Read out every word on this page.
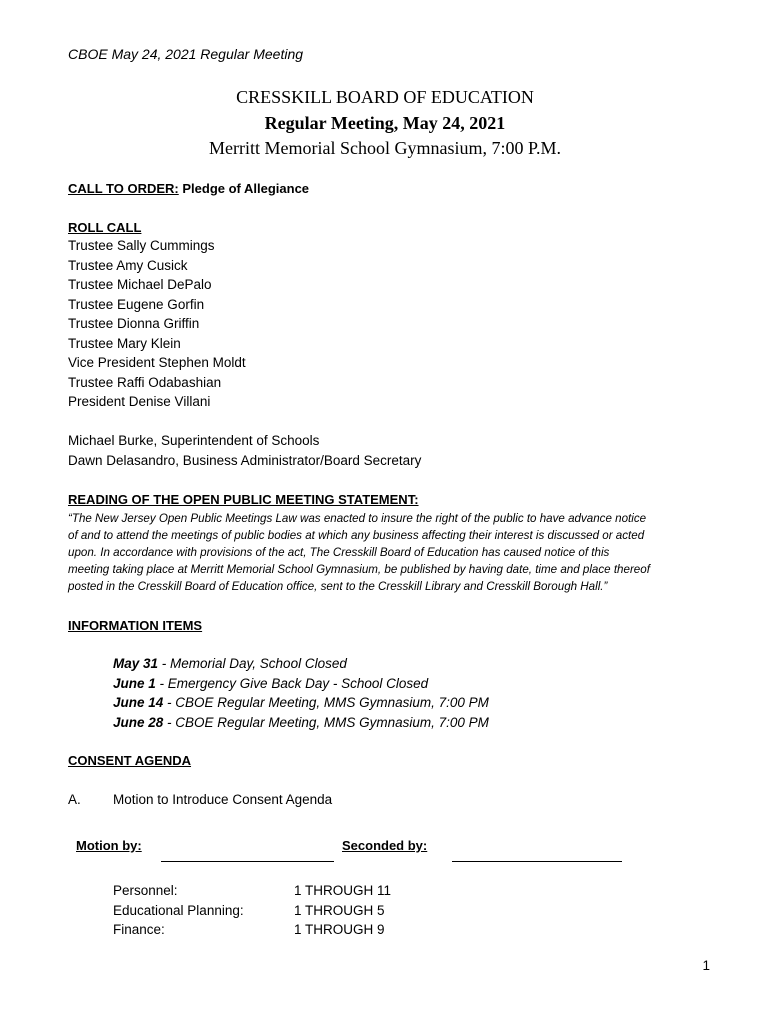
CBOE May 24, 2021 Regular Meeting
CRESSKILL BOARD OF EDUCATION
Regular Meeting, May 24, 2021
Merritt Memorial School Gymnasium, 7:00 P.M.
CALL TO ORDER: Pledge of Allegiance
ROLL CALL
Trustee Sally Cummings
Trustee Amy Cusick
Trustee Michael DePalo
Trustee Eugene Gorfin
Trustee Dionna Griffin
Trustee Mary Klein
Vice President Stephen Moldt
Trustee Raffi Odabashian
President Denise Villani
Michael Burke, Superintendent of Schools
Dawn Delasandro, Business Administrator/Board Secretary
READING OF THE OPEN PUBLIC MEETING STATEMENT:
“The New Jersey Open Public Meetings Law was enacted to insure the right of the public to have advance notice
of and to attend the meetings of public bodies at which any business affecting their interest is discussed or acted
upon. In accordance with provisions of the act, The Cresskill Board of Education has caused notice of this
meeting taking place at Merritt Memorial School Gymnasium, be published by having date, time and place thereof
posted in the Cresskill Board of Education office, sent to the Cresskill Library and Cresskill Borough Hall.”
INFORMATION ITEMS
May 31 - Memorial Day, School Closed
June 1 - Emergency Give Back Day - School Closed
June 14 - CBOE Regular Meeting, MMS Gymnasium, 7:00 PM
June 28 - CBOE Regular Meeting, MMS Gymnasium, 7:00 PM
CONSENT AGENDA
A. Motion to Introduce Consent Agenda
Motion by:	Seconded by:
Personnel:	1 THROUGH 11
Educational Planning:	1 THROUGH 5
Finance:	1 THROUGH 9
1
